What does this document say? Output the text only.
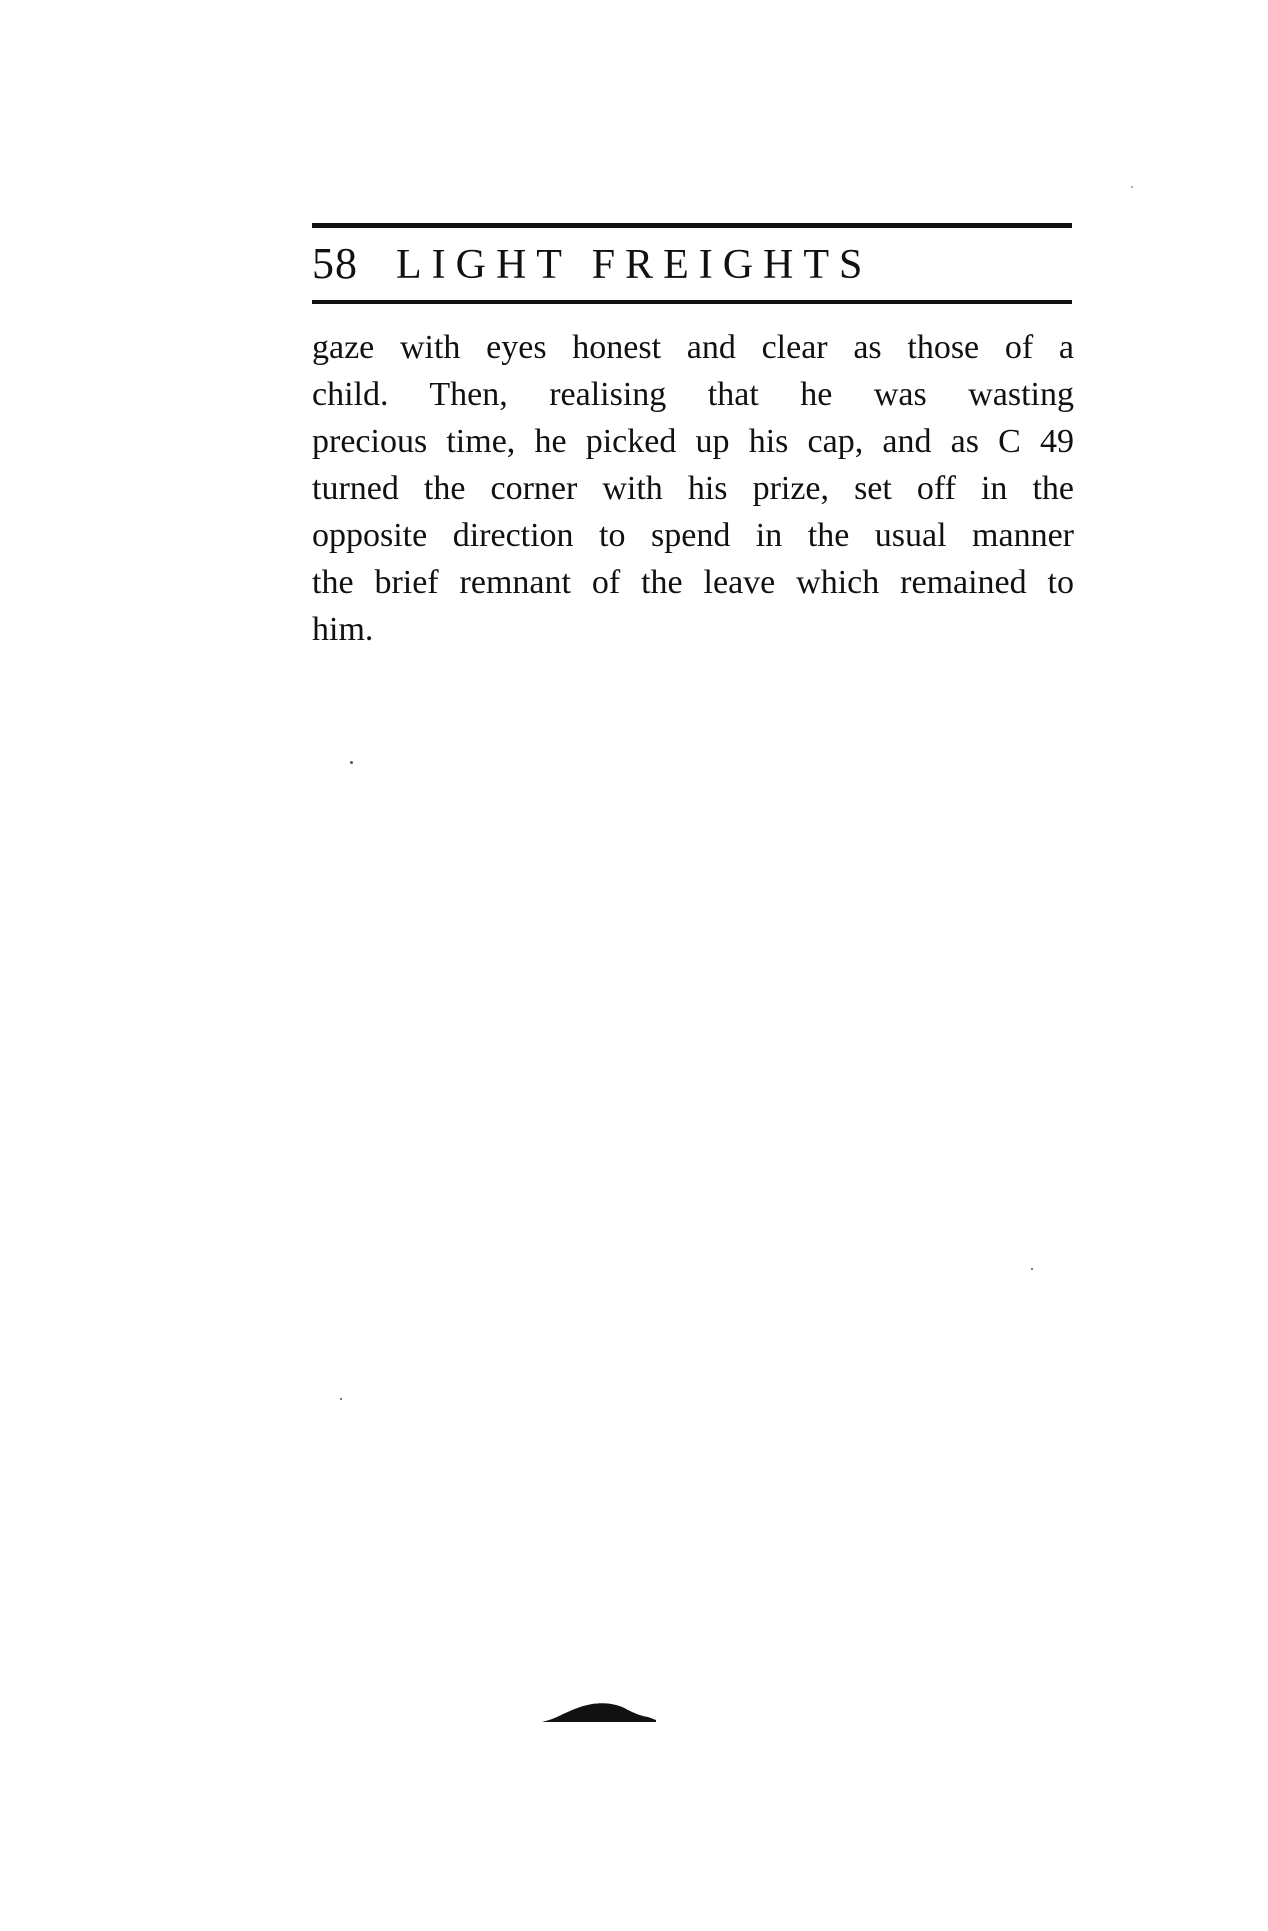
58 LIGHT FREIGHTS
gaze with eyes honest and clear as those of a
child. Then, realising that he was wasting
precious time, he picked up his cap, and as C 49
turned the corner with his prize, set off in the
opposite direction to spend in the usual manner
the brief remnant of the leave which remained to
him.
